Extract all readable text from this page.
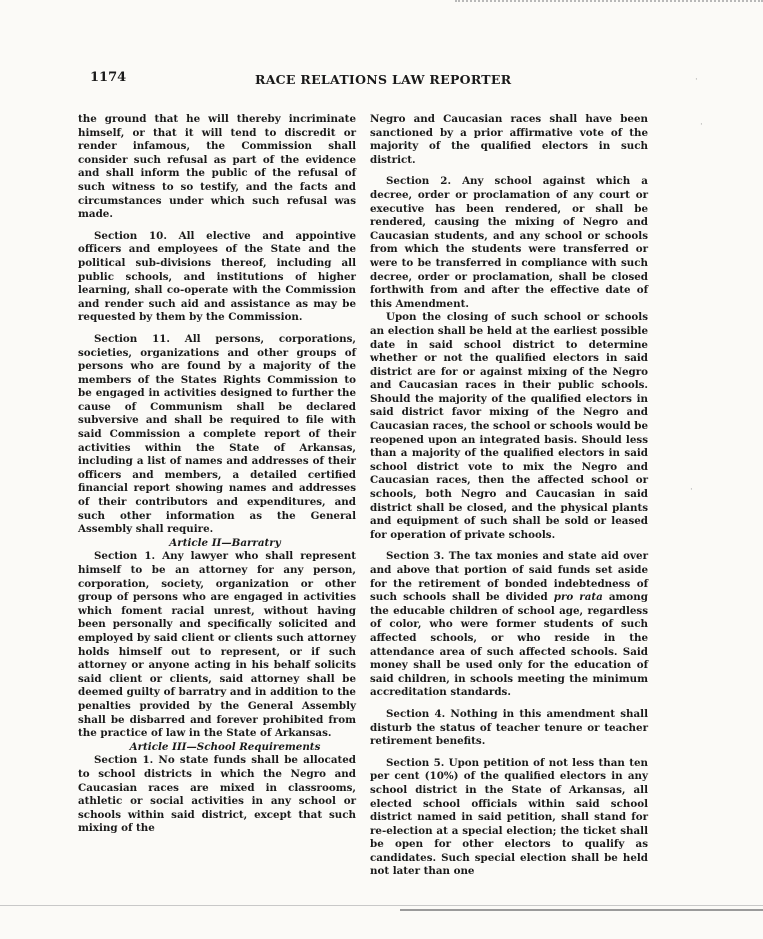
1174	RACE RELATIONS LAW REPORTER

the ground that he will thereby incriminate himself, or that it will tend to discredit or render infamous, the Commission shall consider such refusal as part of the evidence and shall inform the public of the refusal of such witness to so testify, and the facts and circumstances under which such refusal was made.

Section 10. All elective and appointive officers and employees of the State and the political sub-divisions thereof, including all public schools, and institutions of higher learning, shall co-operate with the Commission and render such aid and assistance as may be requested by them by the Commission.

Section 11. All persons, corporations, societies, organizations and other groups of persons who are found by a majority of the members of the States Rights Commission to be engaged in activities designed to further the cause of Communism shall be declared subversive and shall be required to file with said Commission a complete report of their activities within the State of Arkansas, including a list of names and addresses of their officers and members, a detailed certified financial report showing names and addresses of their contributors and expenditures, and such other information as the General Assembly shall require.

Article II—Barratry

Section 1. Any lawyer who shall represent himself to be an attorney for any person, corporation, society, organization or other group of persons who are engaged in activities which foment racial unrest, without having been personally and specifically solicited and employed by said client or clients such attorney holds himself out to represent, or if such attorney or anyone acting in his behalf solicits said client or clients, said attorney shall be deemed guilty of barratry and in addition to the penalties provided by the General Assembly shall be disbarred and forever prohibited from the practice of law in the State of Arkansas.

Article III—School Requirements

Section 1. No state funds shall be allocated to school districts in which the Negro and Caucasian races are mixed in classrooms, athletic or social activities in any school or schools within said district, except that such mixing of the

Negro and Caucasian races shall have been sanctioned by a prior affirmative vote of the majority of the qualified electors in such district.

Section 2. Any school against which a decree, order or proclamation of any court or executive has been rendered, or shall be rendered, causing the mixing of Negro and Caucasian students, and any school or schools from which the students were transferred or were to be transferred in compliance with such decree, order or proclamation, shall be closed forthwith from and after the effective date of this Amendment.

Upon the closing of such school or schools an election shall be held at the earliest possible date in said school district to determine whether or not the qualified electors in said district are for or against mixing of the Negro and Caucasian races in their public schools. Should the majority of the qualified electors in said district favor mixing of the Negro and Caucasian races, the school or schools would be reopened upon an integrated basis. Should less than a majority of the qualified electors in said school district vote to mix the Negro and Caucasian races, then the affected school or schools, both Negro and Caucasian in said district shall be closed, and the physical plants and equipment of such shall be sold or leased for operation of private schools.

Section 3. The tax monies and state aid over and above that portion of said funds set aside for the retirement of bonded indebtedness of such schools shall be divided pro rata among the educable children of school age, regardless of color, who were former students of such affected schools, or who reside in the attendance area of such affected schools. Said money shall be used only for the education of said children, in schools meeting the minimum accreditation standards.

Section 4. Nothing in this amendment shall disturb the status of teacher tenure or teacher retirement benefits.

Section 5. Upon petition of not less than ten per cent (10%) of the qualified electors in any school district in the State of Arkansas, all elected school officials within said school district named in said petition, shall stand for re-election at a special election; the ticket shall be open for other electors to qualify as candidates. Such special election shall be held not later than one

·
·
·
